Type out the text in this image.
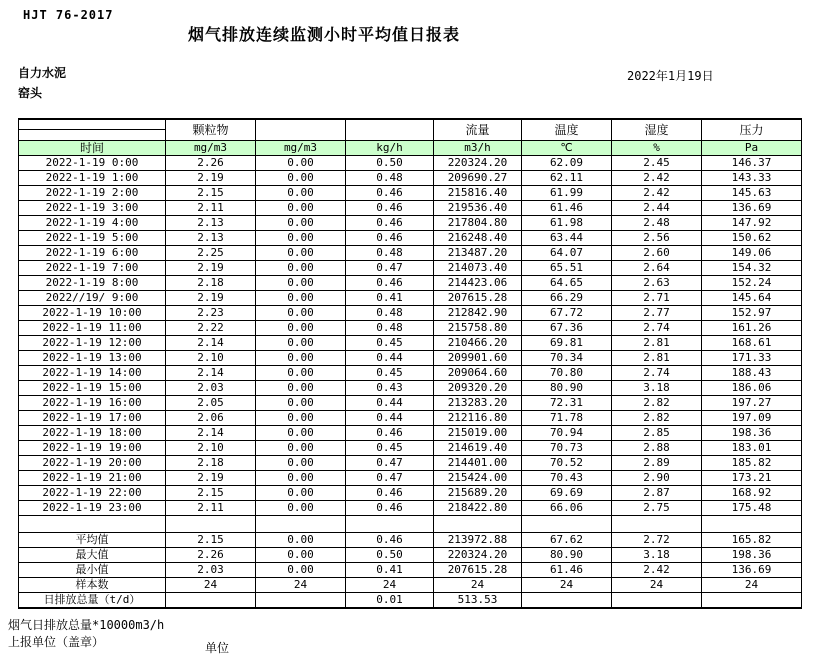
HJT 76-2017
烟气排放连续监测小时平均值日报表
自力水泥
窑头
2022年1月19日
	颗粒物			流量	温度	湿度	压力
时间	mg/m3	mg/m3	kg/h	m3/h	℃	%	Pa
2022-1-19 0:00	2.26	0.00	0.50	220324.20	62.09	2.45	146.37
2022-1-19 1:00	2.19	0.00	0.48	209690.27	62.11	2.42	143.33
2022-1-19 2:00	2.15	0.00	0.46	215816.40	61.99	2.42	145.63
2022-1-19 3:00	2.11	0.00	0.46	219536.40	61.46	2.44	136.69
2022-1-19 4:00	2.13	0.00	0.46	217804.80	61.98	2.48	147.92
2022-1-19 5:00	2.13	0.00	0.46	216248.40	63.44	2.56	150.62
2022-1-19 6:00	2.25	0.00	0.48	213487.20	64.07	2.60	149.06
2022-1-19 7:00	2.19	0.00	0.47	214073.40	65.51	2.64	154.32
2022-1-19 8:00	2.18	0.00	0.46	214423.06	64.65	2.63	152.24
2022//19/ 9:00	2.19	0.00	0.41	207615.28	66.29	2.71	145.64
2022-1-19 10:00	2.23	0.00	0.48	212842.90	67.72	2.77	152.97
2022-1-19 11:00	2.22	0.00	0.48	215758.80	67.36	2.74	161.26
2022-1-19 12:00	2.14	0.00	0.45	210466.20	69.81	2.81	168.61
2022-1-19 13:00	2.10	0.00	0.44	209901.60	70.34	2.81	171.33
2022-1-19 14:00	2.14	0.00	0.45	209064.60	70.80	2.74	188.43
2022-1-19 15:00	2.03	0.00	0.43	209320.20	80.90	3.18	186.06
2022-1-19 16:00	2.05	0.00	0.44	213283.20	72.31	2.82	197.27
2022-1-19 17:00	2.06	0.00	0.44	212116.80	71.78	2.82	197.09
2022-1-19 18:00	2.14	0.00	0.46	215019.00	70.94	2.85	198.36
2022-1-19 19:00	2.10	0.00	0.45	214619.40	70.73	2.88	183.01
2022-1-19 20:00	2.18	0.00	0.47	214401.00	70.52	2.89	185.82
2022-1-19 21:00	2.19	0.00	0.47	215424.00	70.43	2.90	173.21
2022-1-19 22:00	2.15	0.00	0.46	215689.20	69.69	2.87	168.92
2022-1-19 23:00	2.11	0.00	0.46	218422.80	66.06	2.75	175.48

平均值	2.15	0.00	0.46	213972.88	67.62	2.72	165.82
最大值	2.26	0.00	0.50	220324.20	80.90	3.18	198.36
最小值	2.03	0.00	0.41	207615.28	61.46	2.42	136.69
样本数	24	24	24	24	24	24	24
日排放总量（t/d）			0.01	513.53			
烟气日排放总量*10000m3/h
上报单位（盖章）	单位
